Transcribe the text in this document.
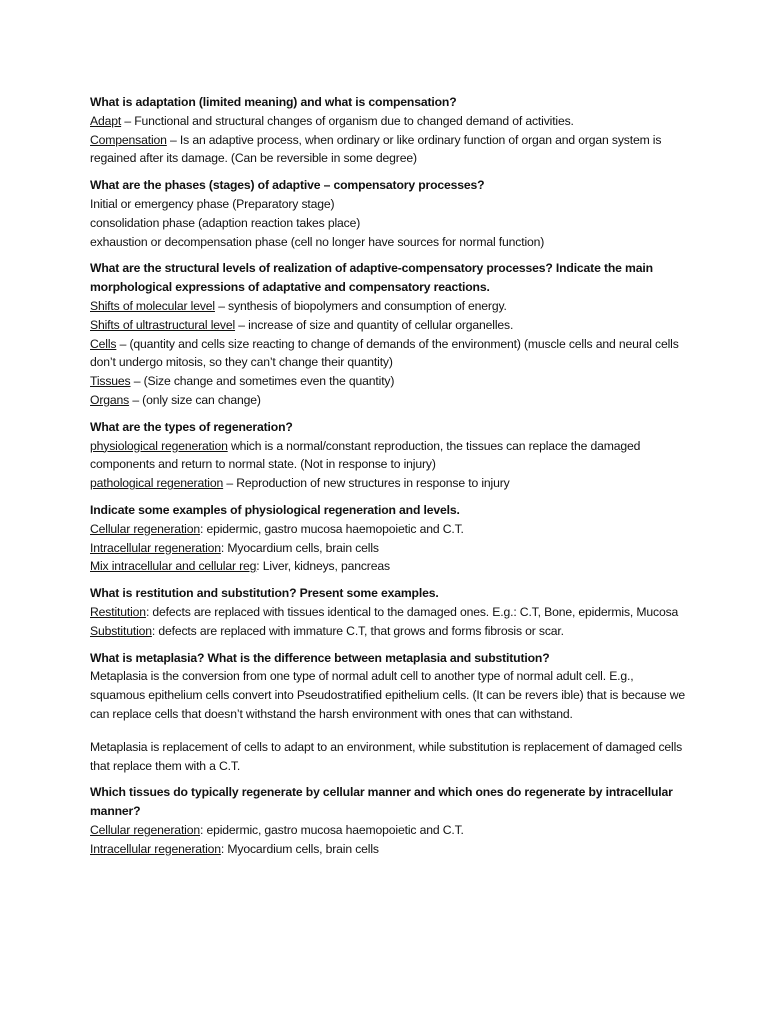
What is adaptation (limited meaning) and what is compensation?

Adapt – Functional and structural changes of organism due to changed demand of activities.

Compensation – Is an adaptive process, when ordinary or like ordinary function of organ and organ system is regained after its damage. (Can be reversible in some degree)

What are the phases (stages) of adaptive – compensatory processes?

Initial or emergency phase (Preparatory stage)

consolidation phase (adaption reaction takes place)

exhaustion or decompensation phase (cell no longer have sources for normal function)

What are the structural levels of realization of adaptive-compensatory processes? Indicate the main morphological expressions of adaptative and compensatory reactions.

Shifts of molecular level – synthesis of biopolymers and consumption of energy.

Shifts of ultrastructural level – increase of size and quantity of cellular organelles.

Cells – (quantity and cells size reacting to change of demands of the environment) (muscle cells and neural cells don’t undergo mitosis, so they can’t change their quantity)

Tissues – (Size change and sometimes even the quantity)

Organs – (only size can change)

What are the types of regeneration?

physiological regeneration which is a normal/constant reproduction, the tissues can replace the damaged components and return to normal state. (Not in response to injury)

pathological regeneration – Reproduction of new structures in response to injury

Indicate some examples of physiological regeneration and levels.

Cellular regeneration: epidermic, gastro mucosa haemopoietic and C.T.

Intracellular regeneration: Myocardium cells, brain cells

Mix intracellular and cellular reg: Liver, kidneys, pancreas

What is restitution and substitution? Present some examples.

Restitution: defects are replaced with tissues identical to the damaged ones. E.g.: C.T, Bone, epidermis, Mucosa

Substitution: defects are replaced with immature C.T, that grows and forms fibrosis or scar.

What is metaplasia? What is the difference between metaplasia and substitution?

Metaplasia is the conversion from one type of normal adult cell to another type of normal adult cell. E.g., squamous epithelium cells convert into Pseudostratified epithelium cells. (It can be revers ible) that is because we can replace cells that doesn’t withstand the harsh environment with ones that can withstand.

Metaplasia is replacement of cells to adapt to an environment, while substitution is replacement of damaged cells that replace them with a C.T.

Which tissues do typically regenerate by cellular manner and which ones do regenerate by intracellular manner?

Cellular regeneration: epidermic, gastro mucosa haemopoietic and C.T.

Intracellular regeneration: Myocardium cells, brain cells
